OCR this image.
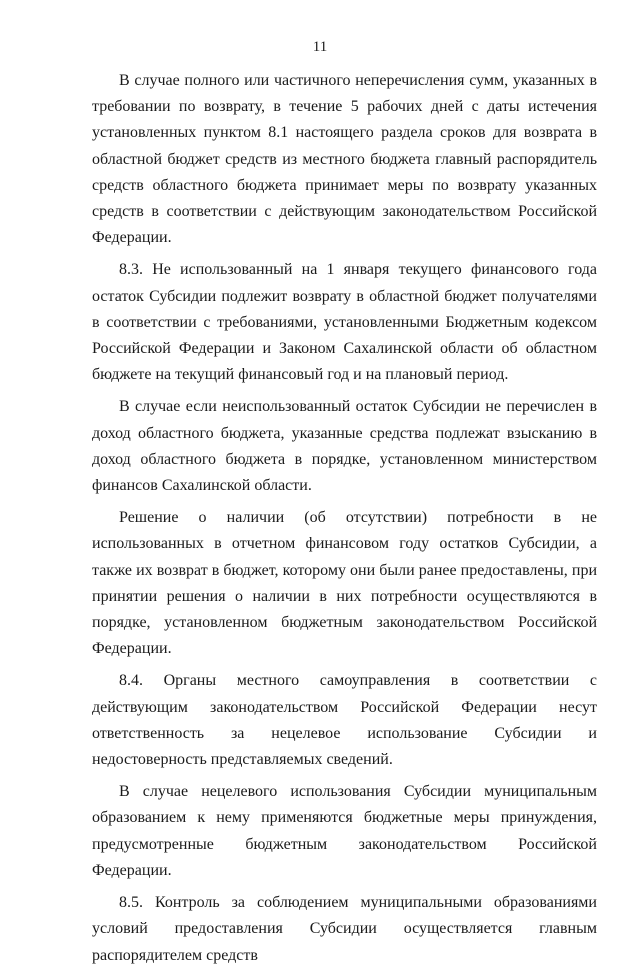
11

В случае полного или частичного неперечисления сумм, указанных в требовании по возврату, в течение 5 рабочих дней с даты истечения установленных пунктом 8.1 настоящего раздела сроков для возврата в областной бюджет средств из местного бюджета главный распорядитель средств областного бюджета принимает меры по возврату указанных средств в соответствии с действующим законодательством Российской Федерации.

8.3. Не использованный на 1 января текущего финансового года остаток Субсидии подлежит возврату в областной бюджет получателями в соответствии с требованиями, установленными Бюджетным кодексом Российской Федерации и Законом Сахалинской области об областном бюджете на текущий финансовый год и на плановый период.

В случае если неиспользованный остаток Субсидии не перечислен в доход областного бюджета, указанные средства подлежат взысканию в доход областного бюджета в порядке, установленном министерством финансов Сахалинской области.

Решение о наличии (об отсутствии) потребности в не использованных в отчетном финансовом году остатков Субсидии, а также их возврат в бюджет, которому они были ранее предоставлены, при принятии решения о наличии в них потребности осуществляются в порядке, установленном бюджетным законодательством Российской Федерации.

8.4. Органы местного самоуправления в соответствии с действующим законодательством Российской Федерации несут ответственность за нецелевое использование Субсидии и недостоверность представляемых сведений.

В случае нецелевого использования Субсидии муниципальным образованием к нему применяются бюджетные меры принуждения, предусмотренные бюджетным законодательством Российской Федерации.

8.5. Контроль за соблюдением муниципальными образованиями условий предоставления Субсидии осуществляется главным распорядителем средств
